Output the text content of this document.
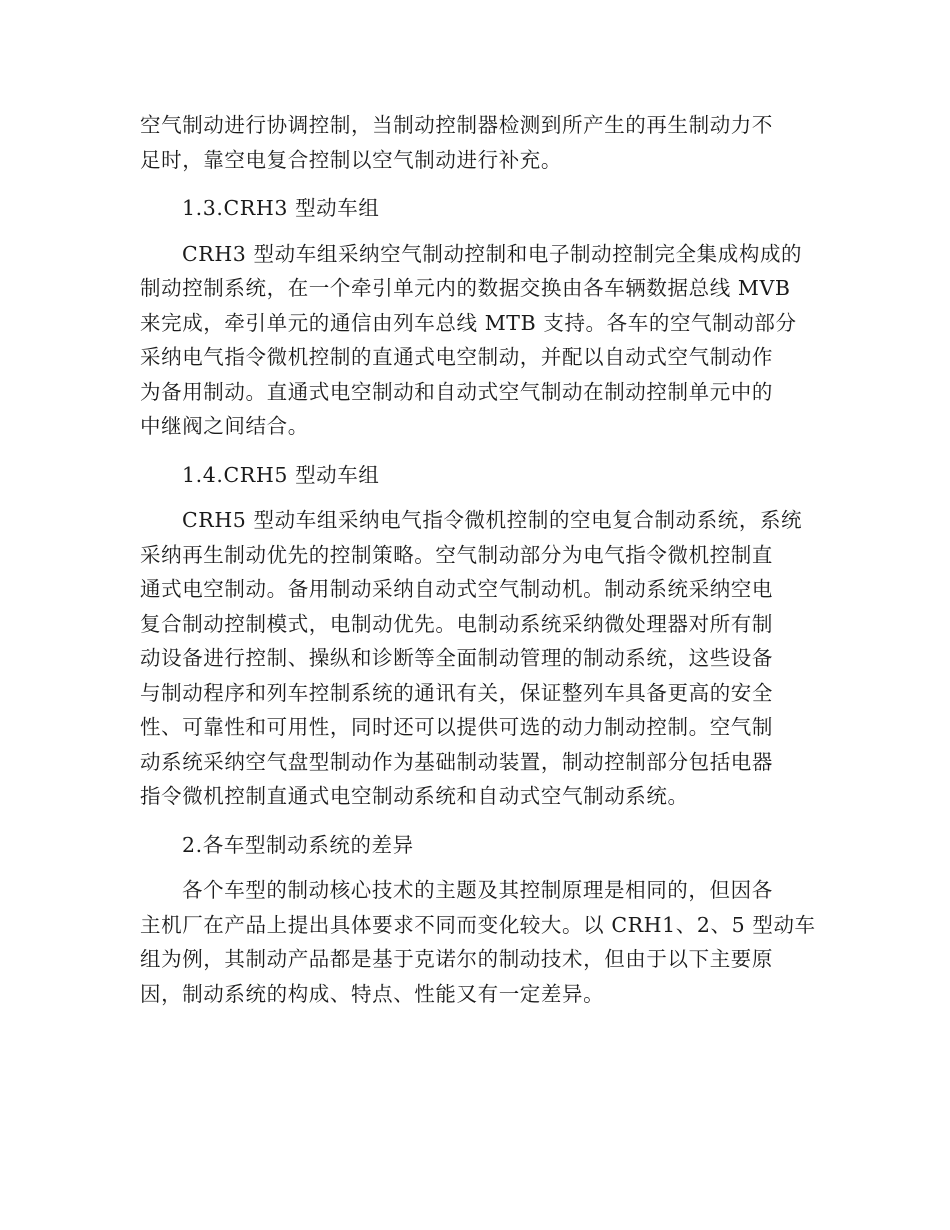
空气制动进行协调控制，当制动控制器检测到所产生的再生制动力不
足时，靠空电复合控制以空气制动进行补充。
1.3.CRH3 型动车组
CRH3 型动车组采纳空气制动控制和电子制动控制完全集成构成的
制动控制系统，在一个牵引单元内的数据交换由各车辆数据总线 MVB
来完成，牵引单元的通信由列车总线 MTB 支持。各车的空气制动部分
采纳电气指令微机控制的直通式电空制动，并配以自动式空气制动作
为备用制动。直通式电空制动和自动式空气制动在制动控制单元中的
中继阀之间结合。
1.4.CRH5 型动车组
CRH5 型动车组采纳电气指令微机控制的空电复合制动系统，系统
采纳再生制动优先的控制策略。空气制动部分为电气指令微机控制直
通式电空制动。备用制动采纳自动式空气制动机。制动系统采纳空电
复合制动控制模式，电制动优先。电制动系统采纳微处理器对所有制
动设备进行控制、操纵和诊断等全面制动管理的制动系统，这些设备
与制动程序和列车控制系统的通讯有关，保证整列车具备更高的安全
性、可靠性和可用性，同时还可以提供可选的动力制动控制。空气制
动系统采纳空气盘型制动作为基础制动装置，制动控制部分包括电器
指令微机控制直通式电空制动系统和自动式空气制动系统。
2.各车型制动系统的差异
各个车型的制动核心技术的主题及其控制原理是相同的，但因各
主机厂在产品上提出具体要求不同而变化较大。以 CRH1、2、5 型动车
组为例，其制动产品都是基于克诺尔的制动技术，但由于以下主要原
因，制动系统的构成、特点、性能又有一定差异。
